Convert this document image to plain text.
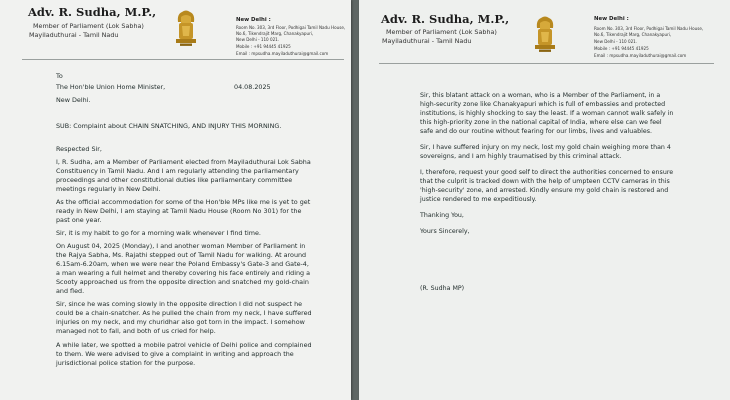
Adv. R. Sudha, M.P.,
Member of Parliament (Lok Sabha)
Mayiladuthurai - Tamil Nadu
New Delhi :
Room No. 303, 3rd Floor, Podhigai Tamil Nadu House,
No.6, Tikendrajit Marg, Chanakyapuri,
New Delhi - 110 021.
Mobile : +91 94445 41925
Email : mpsudha.mayiladuthurai@gmail.com
To
04.08.2025
The Hon'ble Union Home Minister,
New Delhi.
SUB: Complaint about CHAIN SNATCHING, AND INJURY THIS MORNING.
Respected Sir,
I, R. Sudha, am a Member of Parliament elected from Mayiladuthurai Lok Sabha
Constituency in Tamil Nadu. And I am regularly attending the parliamentary
proceedings and other constitutional duties like parliamentary committee
meetings regularly in New Delhi.
As the official accommodation for some of the Hon'ble MPs like me is yet to get
ready in New Delhi, I am staying at Tamil Nadu House (Room No 301) for the
past one year.
Sir, it is my habit to go for a morning walk whenever I find time.
On August 04, 2025 (Monday), I and another woman Member of Parliament in
the Rajya Sabha, Ms. Rajathi stepped out of Tamil Nadu for walking. At around
6.15am-6.20am, when we were near the Poland Embassy's Gate-3 and Gate-4,
a man wearing a full helmet and thereby covering his face entirely and riding a
Scooty approached us from the opposite direction and snatched my gold-chain
and fled.
Sir, since he was coming slowly in the opposite direction I did not suspect he
could be a chain-snatcher. As he pulled the chain from my neck, I have suffered
injuries on my neck, and my churidhar also got torn in the impact. I somehow
managed not to fall, and both of us cried for help.
A while later, we spotted a mobile patrol vehicle of Delhi police and complained
to them. We were advised to give a complaint in writing and approach the
jurisdictional police station for the purpose.
Adv. R. Sudha, M.P.,
Member of Parliament (Lok Sabha)
Mayiladuthurai - Tamil Nadu
New Delhi :
Room No. 303, 3rd Floor, Podhigai Tamil Nadu House,
No.6, Tikendrajit Marg, Chanakyapuri,
New Delhi - 110 021.
Mobile : +91 94445 41925
Email : mpsudha.mayiladuthurai@gmail.com
Sir, this blatant attack on a woman, who is a Member of the Parliament, in a
high-security zone like Chanakyapuri which is full of embassies and protected
institutions, is highly shocking to say the least. If a woman cannot walk safely in
this high-priority zone in the national capital of India, where else can we feel
safe and do our routine without fearing for our limbs, lives and valuables.
Sir, I have suffered injury on my neck, lost my gold chain weighing more than 4
sovereigns, and I am highly traumatised by this criminal attack.
I, therefore, request your good self to direct the authorities concerned to ensure
that the culprit is tracked down with the help of umpteen CCTV cameras in this
'high-security' zone, and arrested. Kindly ensure my gold chain is restored and
justice rendered to me expeditiously.
Thanking You,
Yours Sincerely,
(R. Sudha MP)
